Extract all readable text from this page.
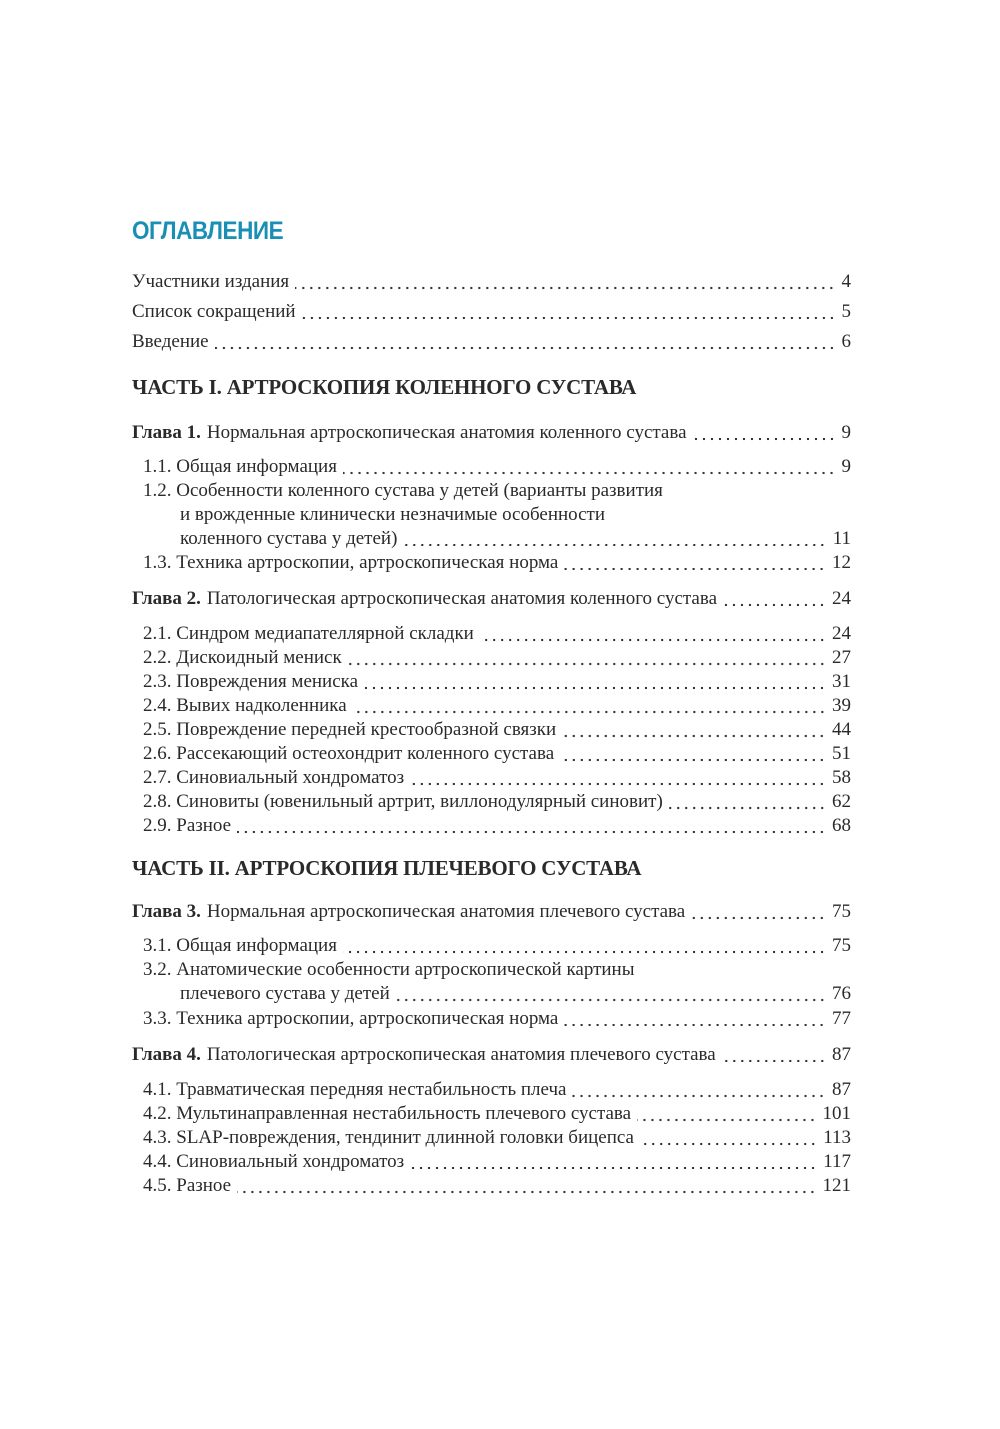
ОГЛАВЛЕНИЕ
Участники издания	4
Список сокращений	5
Введение	6
ЧАСТЬ I. АРТРОСКОПИЯ КОЛЕННОГО СУСТАВА
Глава 1. Нормальная артроскопическая анатомия коленного сустава	9
1.1. Общая информация	9
1.2. Особенности коленного сустава у детей (варианты развития
и врожденные клинически незначимые особенности
коленного сустава у детей)	11
1.3. Техника артроскопии, артроскопическая норма	12
Глава 2. Патологическая артроскопическая анатомия коленного сустава	24
2.1. Синдром медиапателлярной складки	24
2.2. Дискоидный мениск	27
2.3. Повреждения мениска	31
2.4. Вывих надколенника	39
2.5. Повреждение передней крестообразной связки	44
2.6. Рассекающий остеохондрит коленного сустава	51
2.7. Синовиальный хондроматоз	58
2.8. Синовиты (ювенильный артрит, виллонодулярный синовит)	62
2.9. Разное	68
ЧАСТЬ II. АРТРОСКОПИЯ ПЛЕЧЕВОГО СУСТАВА
Глава 3. Нормальная артроскопическая анатомия плечевого сустава	75
3.1. Общая информация	75
3.2. Анатомические особенности артроскопической картины
плечевого сустава у детей	76
3.3. Техника артроскопии, артроскопическая норма	77
Глава 4. Патологическая артроскопическая анатомия плечевого сустава	87
4.1. Травматическая передняя нестабильность плеча	87
4.2. Мультинаправленная нестабильность плечевого сустава	101
4.3. SLAP-повреждения, тендинит длинной головки бицепса	113
4.4. Синовиальный хондроматоз	117
4.5. Разное	121
